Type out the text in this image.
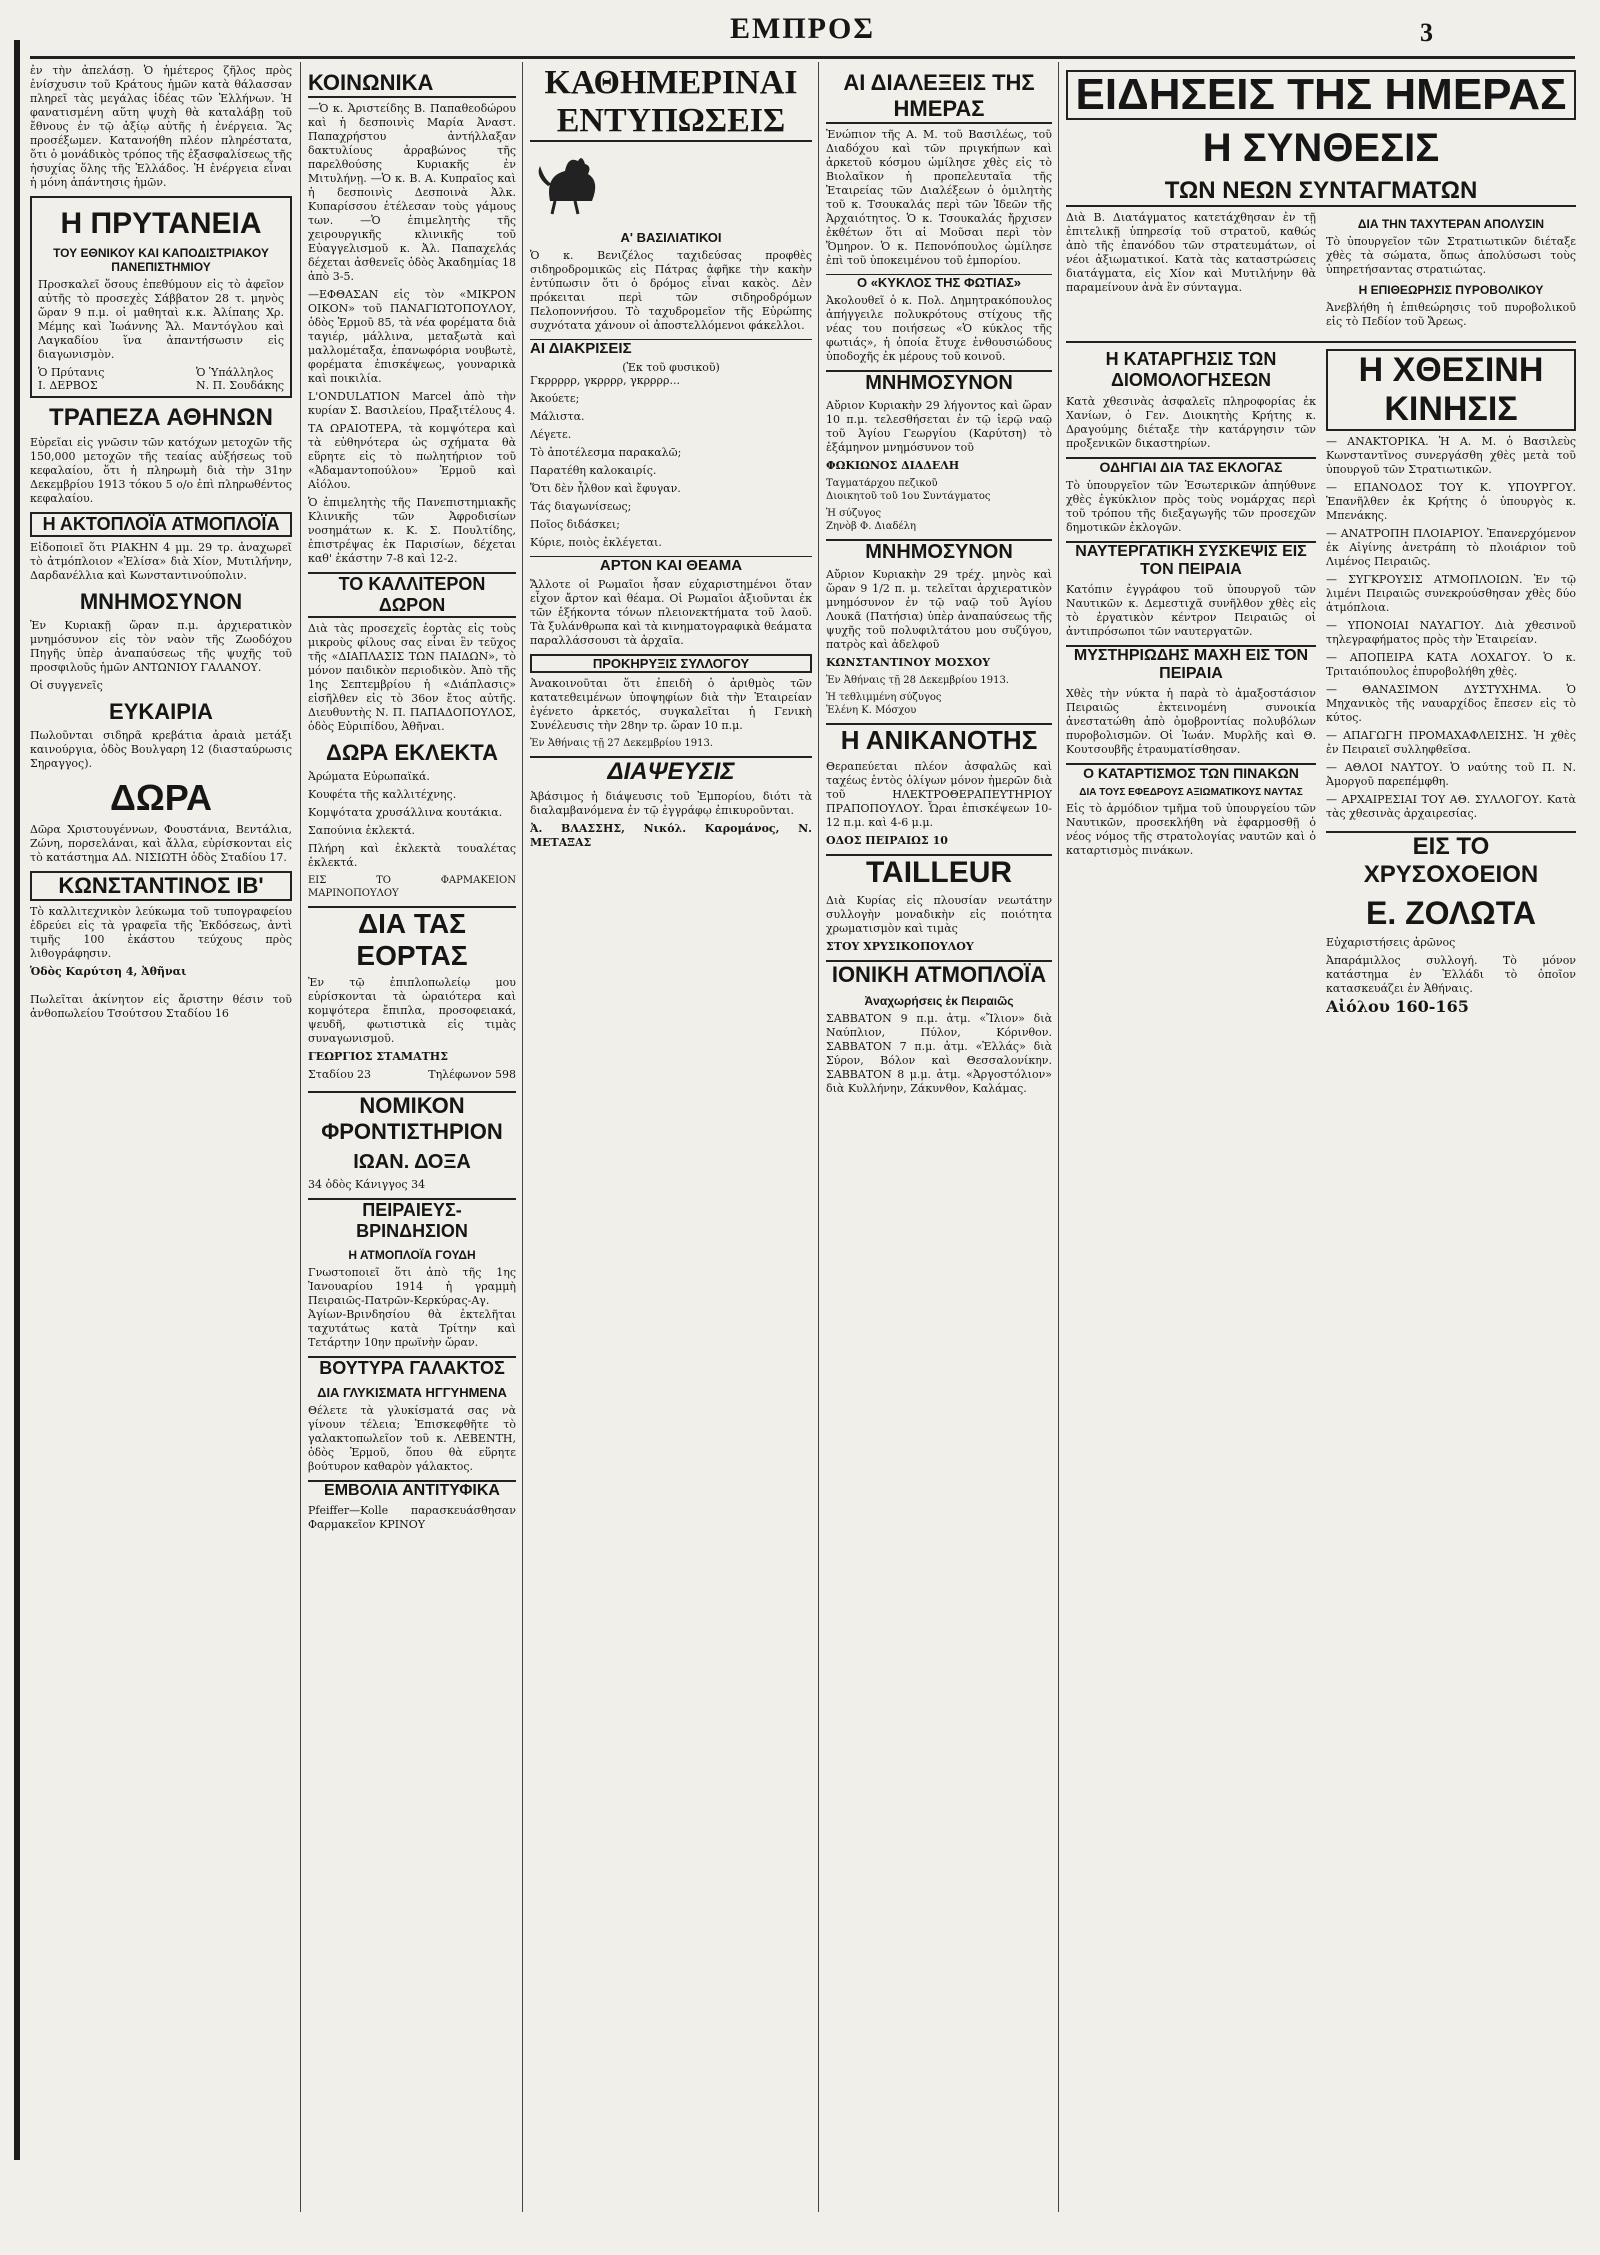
ΕΜΠΡΟΣ	3

ἐν τὴν ἀπελάσῃ. Ὁ ἡμέτερος ζῆλος πρὸς ἐνίσχυσιν τοῦ Κράτους ἡμῶν κατὰ θάλασσαν πληρεῖ τὰς μεγάλας ἰδέας τῶν Ἑλλήνων. Ἡ φανατισμένη αὕτη ψυχὴ θὰ καταλάβῃ τοῦ ἔθνους ἐν τῷ ἀξίῳ αὐτῆς ἡ ἐνέργεια. Ἂς προσέξωμεν. Κατανοήθη πλέον πληρέστατα, ὅτι ὁ μονάδικὸς τρόπος τῆς ἐξασφαλίσεως τῆς ἡσυχίας ὅλης τῆς Ἑλλάδος. Ἡ ἐνέργεια εἶναι ἡ μόνη ἀπάντησις ἡμῶν.

Η ΠΡΥΤΑΝΕΙΑ
ΤΟΥ ΕΘΝΙΚΟΥ ΚΑΙ ΚΑΠΟΔΙΣΤΡΙΑΚΟΥ ΠΑΝΕΠΙΣΤΗΜΙΟΥ

Προσκαλεῖ ὅσους ἐπεθύμουν εἰς τὸ ἀφεῖον αὐτῆς τὸ προσεχὲς Σάββατον 28 τ. μηνὸς ὥραν 9 π.μ. οἱ μαθηταὶ κ.κ. Ἀλίπαης Χρ. Μέμης καὶ Ἰωάννης Ἄλ. Μαντόγλου καὶ Λαγκαδίου ἵνα ἀπαντήσωσιν εἰς διαγωνισμὸν.

Ὁ Πρύτανις
Ι. ΔΕΡΒΟΣ
Ὁ Ὑπάλληλος
Ν. Π. Σουδάκης
ΤΡΑΠΕΖΑ ΑΘΗΝΩΝ

Εὐρεῖαι εἰς γνῶσιν τῶν κατόχων μετοχῶν τῆς 150,000 μετοχῶν τῆς τεαίας αὐξήσεως τοῦ κεφαλαίου, ὅτι ἡ πληρωμὴ διὰ τὴν 31ην Δεκεμβρίου 1913 τόκου 5 ο/ο ἐπὶ πληρωθέντος κεφαλαίου.

Η ΑΚΤΟΠΛΟΪΑ ΑΤΜΟΠΛΟΪΑ

Εἰδοποιεῖ ὅτι ΡΙΑΚΗΝ 4 μμ. 29 τρ. ἀναχωρεῖ τὸ ἀτμόπλοιον «Ἐλίσα» διὰ Χίον, Μυτιλήνην, Δαρδανέλλια καὶ Κωνσταντινούπολιν.

ΜΝΗΜΟΣΥΝΟΝ

Ἐν Κυριακῇ ὥραν π.μ. ἀρχιερατικὸν μνημόσυνον εἰς τὸν ναὸν τῆς Ζωοδόχου Πηγῆς ὑπὲρ ἀναπαύσεως τῆς ψυχῆς τοῦ προσφιλοῦς ἡμῶν ΑΝΤΩΝΙΟΥ ΓΑΛΑΝΟΥ.

Οἱ συγγενεῖς

ΕΥΚΑΙΡΙΑ

Πωλοῦνται σιδηρᾶ κρεβάτια ἀραιὰ μετάξι καινούργια, ὁδὸς Βουλγαρη 12 (διασταύρωσις Σηραγγος).

ΔΩΡΑ

Δῶρα Χριστουγέννων, Φουστάνια, Βεντάλια, Ζώνη, πορσελάναι, καὶ ἄλλα, εὑρίσκονται εἰς τὸ κατάστημα ΑΔ. ΝΙΣΙΩΤΗ ὁδὸς Σταδίου 17.

ΚΩΝΣΤΑΝΤΙΝΟΣ ΙΒ'

Τὸ καλλιτεχνικὸν λεύκωμα τοῦ τυπογραφείου ἑδρεύει εἰς τὰ γραφεῖα τῆς Ἐκδόσεως, ἀντὶ τιμῆς 100 ἑκάστου τεύχους πρὸς λιθογράφησιν.

Ὁδὸς Καρύτση 4, Ἀθῆναι

Πωλεῖται ἀκίνητον εἰς ἄριστην θέσιν τοῦ ἀνθοπωλείου Τσούτσου Σταδίου 16

ΚΟΙΝΩΝΙΚΑ

—Ὁ κ. Ἀριστείδης Β. Παπαθεοδώρου καὶ ἡ δεσποινὶς Μαρία Ἀναστ. Παπαχρήστου ἀντήλλαξαν δακτυλίους ἀρραβώνος τῆς παρελθούσης Κυριακῆς ἐν Μιτυλήνῃ. —Ὁ κ. Β. Α. Κυπραῖος καὶ ἡ δεσποινὶς Δεσποινὰ Ἀλκ. Κυπαρίσσου ἐτέλεσαν τοὺς γάμους των. —Ὁ ἐπιμελητὴς τῆς χειρουργικῆς κλινικῆς τοῦ Εὐαγγελισμοῦ κ. Ἀλ. Παπαχελάς δέχεται ἀσθενεῖς ὁδὸς Ἀκαδημίας 18 ἀπὸ 3-5.

—ΕΦΘΑΣΑΝ εἰς τὸν «ΜΙΚΡΟΝ ΟΙΚΟΝ» τοῦ ΠΑΝΑΓΙΩΤΟΠΟΥΛΟΥ, ὁδὸς Ἑρμοῦ 85, τὰ νέα φορέματα διὰ ταγιέρ, μάλλινα, μεταξωτὰ καὶ μαλλομέταξα, ἐπανωφόρια νουβωτὲ, φορέματα ἐπισκέψεως, γουναρικὰ καὶ ποικιλία.

L'ONDULATION Marcel ἀπὸ τὴν κυρίαν Σ. Βασιλείου, Πραξιτέλους 4.

ΤΑ ΩΡΑΙΟΤΕΡΑ, τὰ κομψότερα καὶ τὰ εὐθηνότερα ὡς σχήματα θὰ εὕρητε εἰς τὸ πωλητήριον τοῦ «Ἀδαμαντοπούλου» Ἑρμοῦ καὶ Αἰόλου.

Ὁ ἐπιμελητὴς τῆς Πανεπιστημιακῆς Κλινικῆς τῶν Ἀφροδισίων νοσημάτων κ. Κ. Σ. Πουλτίδης, ἐπιστρέψας ἐκ Παρισίων, δέχεται καθ' ἑκάστην 7-8 καὶ 12-2.

ΤΟ ΚΑΛΛΙΤΕΡΟΝ ΔΩΡΟΝ

Διὰ τὰς προσεχεῖς ἑορτὰς εἰς τοὺς μικροὺς φίλους σας εἶναι ἓν τεῦχος τῆς «ΔΙΑΠΛΑΣΙΣ ΤΩΝ ΠΑΙΔΩΝ», τὸ μόνον παιδικὸν περιοδικὸν. Ἀπὸ τῆς 1ης Σεπτεμβρίου ἡ «Διάπλασις» εἰσῆλθεν εἰς τὸ 36ον ἔτος αὐτῆς. Διευθυντὴς Ν. Π. ΠΑΠΑΔΟΠΟΥΛΟΣ, ὁδὸς Εὐριπίδου, Ἀθῆναι.

ΔΩΡΑ ΕΚΛΕΚΤΑ

Ἀρώματα Εὐρωπαϊκά.

Κουφέτα τῆς καλλιτέχνης.

Κομψότατα χρυσάλλινα κουτάκια.

Σαπούνια ἐκλεκτά.

Πλήρη καὶ ἐκλεκτὰ τουαλέτας ἐκλεκτά.

ΕΙΣ ΤΟ ΦΑΡΜΑΚΕΙΟΝ ΜΑΡΙΝΟΠΟΥΛΟΥ

ΔΙΑ ΤΑΣ ΕΟΡΤΑΣ

Ἐν τῷ ἐπιπλοπωλείῳ μου εὑρίσκονται τὰ ὡραιότερα καὶ κομψότερα ἔπιπλα, προσοφειακά, ψευδῆ, φωτιστικὰ εἰς τιμὰς συναγωνισμοῦ.

ΓΕΩΡΓΙΟΣ ΣΤΑΜΑΤΗΣ

Σταδίου 23	Τηλέφωνον 598
ΝΟΜΙΚΟΝ ΦΡΟΝΤΙΣΤΗΡΙΟΝ
ΙΩΑΝ. ΔΟΞΑ

34 ὁδὸς Κάνιγγος 34

ΠΕΙΡΑΙΕΥΣ-ΒΡΙΝΔΗΣΙΟΝ
Η ΑΤΜΟΠΛΟΪΑ ΓΟΥΔΗ

Γνωστοποιεῖ ὅτι ἀπὸ τῆς 1ης Ἰανουαρίου 1914 ἡ γραμμὴ Πειραιῶς-Πατρῶν-Κερκύρας-Αγ. Ἀγίων-Βρινδησίου θὰ ἐκτελῆται ταχυτάτως κατὰ Τρίτην καὶ Τετάρτην 10ην πρωϊνὴν ὥραν.

ΒΟΥΤΥΡΑ ΓΑΛΑΚΤΟΣ
ΔΙΑ ΓΛΥΚΙΣΜΑΤΑ ΗΓΓΥΗΜΕΝΑ

Θέλετε τὰ γλυκίσματά σας νὰ γίνουν τέλεια; Ἐπισκεφθῆτε τὸ γαλακτοπωλεῖον τοῦ κ. ΛΕΒΕΝΤΗ, ὁδὸς Ἐρμοῦ, ὅπου θὰ εὕρητε βούτυρον καθαρὸν γάλακτος.

ΕΜΒΟΛΙΑ ΑΝΤΙΤΥΦΙΚΑ

Pfeiffer—Kolle παρασκευάσθησαν Φαρμακεῖον ΚΡΙΝΟΥ

ΚΑΘΗΜΕΡΙΝΑΙ ΕΝΤΥΠΩΣΕΙΣ
Α' ΒΑΣΙΛΙΑΤΙΚΟΙ

Ὁ κ. Βενιζέλος ταχιδεύσας προφθὲς σιδηροδρομικῶς εἰς Πάτρας ἀφῆκε τὴν κακὴν ἐντύπωσιν ὅτι ὁ δρόμος εἶναι κακὸς. Δὲν πρόκειται περὶ τῶν σιδηροδρόμων Πελοποννήσου. Τὸ ταχυδρομεῖον τῆς Εὐρώπης συχνότατα χάνουν οἱ ἀποστελλόμενοι φάκελλοι.

ΑΙ ΔΙΑΚΡΙΣΕΙΣ
(Ἐκ τοῦ φυσικοῦ)

Γκρρρρρ, γκρρρρ, γκρρρρ...

Ἀκούετε;

Μάλιστα.

Λέγετε.

Τὸ ἀποτέλεσμα παρακαλῶ;

Παρατέθη καλοκαιρίς.

Ὅτι δὲν ἦλθον καὶ ἔφυγαν.

Τάς διαγωνίσεως;

Ποῖος διδάσκει;

Κύριε, ποιὸς ἐκλέγεται.

ΑΡΤΟΝ ΚΑΙ ΘΕΑΜΑ

Ἄλλοτε οἱ Ρωμαῖοι ἦσαν εὐχαριστημένοι ὅταν εἶχον ἄρτον καὶ θέαμα. Οἱ Ρωμαῖοι ἀξιοῦνται ἐκ τῶν ἑξήκοντα τόνων πλειονεκτήματα τοῦ λαοῦ. Τὰ ξυλάνθρωπα καὶ τὰ κινηματογραφικὰ θεάματα παραλλάσσουσι τὰ ἀρχαῖα.

ΠΡΟΚΗΡΥΞΙΣ ΣΥΛΛΟΓΟΥ

Ἀνακοινοῦται ὅτι ἐπειδὴ ὁ ἀριθμὸς τῶν κατατεθειμένων ὑποψηφίων διὰ τὴν Ἑταιρείαν ἐγένετο ἀρκετός, συγκαλεῖται ἡ Γενικὴ Συνέλευσις τὴν 28ην τρ. ὥραν 10 π.μ.

Ἐν Ἀθήναις τῇ 27 Δεκεμβρίου 1913.

ΔΙΑΨΕΥΣΙΣ

Ἀβάσιμος ἡ διάψευσις τοῦ Ἐμπορίου, διότι τὰ διαλαμβανόμενα ἐν τῷ ἐγγράφῳ ἐπικυροῦνται.

Ἀ. ΒΛΑΣΣΗΣ, Νικόλ. Καρομάνος, Ν. ΜΕΤΑΞΑΣ

ΑΙ ΔΙΑΛΕΞΕΙΣ ΤΗΣ ΗΜΕΡΑΣ

Ἐνώπιον τῆς Α. Μ. τοῦ Βασιλέως, τοῦ Διαδόχου καὶ τῶν πριγκήπων καὶ ἀρκετοῦ κόσμου ὡμίλησε χθὲς εἰς τὸ Βιολαῖκον ἡ προπελευταῖα τῆς Ἑταιρείας τῶν Διαλέξεων ὁ ὁμιλητὴς τοῦ κ. Τσουκαλάς περὶ τῶν Ἰδεῶν τῆς Ἀρχαιότητος. Ὁ κ. Τσουκαλάς ἤρχισεν ἐκθέτων ὅτι αἱ Μοῦσαι περὶ τὸν Ὅμηρον. Ὁ κ. Πεπονόπουλος ὡμίλησε ἐπὶ τοῦ ὑποκειμένου τοῦ ἐμπορίου.

Ο «ΚΥΚΛΟΣ ΤΗΣ ΦΩΤΙΑΣ»

Ἀκολουθεῖ ὁ κ. Πολ. Δημητρακόπουλος ἀπήγγειλε πολυκρότους στίχους τῆς νέας του ποιήσεως «Ὁ κύκλος τῆς φωτιάς», ἡ ὁποία ἔτυχε ἐνθουσιώδους ὑποδοχῆς ἐκ μέρους τοῦ κοινοῦ.

ΜΝΗΜΟΣΥΝΟΝ

Αὔριον Κυριακὴν 29 λήγοντος καὶ ὥραν 10 π.μ. τελεσθήσεται ἐν τῷ ἱερῷ ναῷ τοῦ Ἁγίου Γεωργίου (Καρύτση) τὸ ἑξάμηνον μνημόσυνον τοῦ

ΦΩΚΙΩΝΟΣ ΔΙΑΔΕΛΗ

Ταγματάρχου πεζικοῦ
Διοικητοῦ τοῦ 1ου Συντάγματος

Ἡ σύζυγος
Ζηνὸβ Φ. Διαδέλη

ΜΝΗΜΟΣΥΝΟΝ

Αὔριον Κυριακὴν 29 τρέχ. μηνὸς καὶ ὥραν 9 1/2 π. μ. τελεῖται ἀρχιερατικὸν μνημόσυνον ἐν τῷ ναῷ τοῦ Ἁγίου Λουκᾶ (Πατήσια) ὑπὲρ ἀναπαύσεως τῆς ψυχῆς τοῦ πολυφιλτάτου μου συζύγου, πατρὸς καὶ ἀδελφοῦ

ΚΩΝΣΤΑΝΤΙΝΟΥ ΜΟΣΧΟΥ

Ἐν Ἀθήναις τῇ 28 Δεκεμβρίου 1913.

Ἡ τεθλιμμένη σύζυγος
Ἐλένη Κ. Μόσχου

Η ΑΝΙΚΑΝΟΤΗΣ

Θεραπεύεται πλέον ἀσφαλῶς καὶ ταχέως ἐντὸς ὀλίγων μόνον ἡμερῶν διὰ τοῦ ΗΛΕΚΤΡΟΘΕΡΑΠΕΥΤΗΡΙΟΥ ΠΡΑΠΟΠΟΥΛΟΥ. Ὧραι ἐπισκέψεων 10-12 π.μ. καὶ 4-6 μ.μ.

ΟΔΟΣ ΠΕΙΡΑΙΩΣ 10

TAILLEUR

Διὰ Κυρίας εἰς πλουσίαν νεωτάτην συλλογὴν μοναδικὴν εἰς ποιότητα χρωματισμὸν καὶ τιμὰς

ΣΤΟΥ ΧΡΥΣΙΚΟΠΟΥΛΟΥ

ΙΟΝΙΚΗ ΑΤΜΟΠΛΟΪΑ
Ἀναχωρήσεις ἐκ Πειραιῶς

ΣΑΒΒΑΤΟΝ 9 π.μ. ἀτμ. «Ἴλιον» διὰ Ναύπλιον, Πύλον, Κόρινθον. ΣΑΒΒΑΤΟΝ 7 π.μ. ἀτμ. «Ἑλλάς» διὰ Σύρον, Βόλον καὶ Θεσσαλονίκην. ΣΑΒΒΑΤΟΝ 8 μ.μ. ἀτμ. «Ἀργοστόλιον» διὰ Κυλλήνην, Ζάκυνθον, Καλάμας.

ΕΙΔΗΣΕΙΣ ΤΗΣ ΗΜΕΡΑΣ
Η ΣΥΝΘΕΣΙΣ
ΤΩΝ ΝΕΩΝ ΣΥΝΤΑΓΜΑΤΩΝ

Διὰ Β. Διατάγματος κατετάχθησαν ἐν τῇ ἐπιτελικῇ ὑπηρεσίᾳ τοῦ στρατοῦ, καθώς ἀπὸ τῆς ἐπανόδου τῶν στρατευμάτων, οἱ νέοι ἀξιωματικοί. Κατὰ τὰς καταστρώσεις διατάγματα, εἰς Χίον καὶ Μυτιλήνην θὰ παραμείνουν ἀνὰ ἓν σύνταγμα.

ΔΙΑ ΤΗΝ ΤΑΧΥΤΕΡΑΝ ΑΠΟΛΥΣΙΝ

Τὸ ὑπουργεῖον τῶν Στρατιωτικῶν διέταξε χθὲς τὰ σώματα, ὅπως ἀπολύσωσι τοὺς ὑπηρετήσαντας στρατιώτας.

Η ΕΠΙΘΕΩΡΗΣΙΣ ΠΥΡΟΒΟΛΙΚΟΥ

Ἀνεβλήθη ἡ ἐπιθεώρησις τοῦ πυροβολικοῦ εἰς τὸ Πεδίον τοῦ Ἄρεως.

Η ΚΑΤΑΡΓΗΣΙΣ ΤΩΝ ΔΙΟΜΟΛΟΓΗΣΕΩΝ

Κατὰ χθεσινὰς ἀσφαλεῖς πληροφορίας ἐκ Χανίων, ὁ Γεν. Διοικητὴς Κρήτης κ. Δραγούμης διέταξε τὴν κατάργησιν τῶν προξενικῶν δικαστηρίων.

ΟΔΗΓΙΑΙ ΔΙΑ ΤΑΣ ΕΚΛΟΓΑΣ

Τὸ ὑπουργεῖον τῶν Ἐσωτερικῶν ἀπηύθυνε χθὲς ἐγκύκλιον πρὸς τοὺς νομάρχας περὶ τοῦ τρόπου τῆς διεξαγωγῆς τῶν προσεχῶν δημοτικῶν ἐκλογῶν.

ΝΑΥΤΕΡΓΑΤΙΚΗ ΣΥΣΚΕΨΙΣ ΕΙΣ ΤΟΝ ΠΕΙΡΑΙΑ

Κατόπιν ἐγγράφου τοῦ ὑπουργοῦ τῶν Ναυτικῶν κ. Δεμεστιχᾶ συνῆλθον χθὲς εἰς τὸ ἐργατικὸν κέντρον Πειραιῶς οἱ ἀντιπρόσωποι τῶν ναυτεργατῶν.

ΜΥΣΤΗΡΙΩΔΗΣ ΜΑΧΗ ΕΙΣ ΤΟΝ ΠΕΙΡΑΙΑ

Χθὲς τὴν νύκτα ἡ παρὰ τὸ ἀμαξοστάσιον Πειραιῶς ἐκτεινομένη συνοικία ἀνεστατώθη ἀπὸ ὁμοβροντίας πολυβόλων πυροβολισμῶν. Οἱ Ἰωάν. Μυρλῆς καὶ Θ. Κουτσουβῆς ἐτραυματίσθησαν.

Ο ΚΑΤΑΡΤΙΣΜΟΣ ΤΩΝ ΠΙΝΑΚΩΝ
ΔΙΑ ΤΟΥΣ ΕΦΕΔΡΟΥΣ ΑΞΙΩΜΑΤΙΚΟΥΣ ΝΑΥΤΑΣ

Εἰς τὸ ἁρμόδιον τμῆμα τοῦ ὑπουργείου τῶν Ναυτικῶν, προσεκλήθη νὰ ἐφαρμοσθῇ ὁ νέος νόμος τῆς στρατολογίας ναυτῶν καὶ ὁ καταρτισμὸς πινάκων.

Η ΧΘΕΣΙΝΗ ΚΙΝΗΣΙΣ

— ΑΝΑΚΤΟΡΙΚΑ. Ἡ Α. Μ. ὁ Βασιλεὺς Κωνσταντῖνος συνεργάσθη χθὲς μετὰ τοῦ ὑπουργοῦ τῶν Στρατιωτικῶν.

— ΕΠΑΝΟΔΟΣ ΤΟΥ Κ. ΥΠΟΥΡΓΟΥ. Ἐπανῆλθεν ἐκ Κρήτης ὁ ὑπουργὸς κ. Μπενάκης.

— ΑΝΑΤΡΟΠΗ ΠΛΟΙΑΡΙΟΥ. Ἐπανερχόμενον ἐκ Αἰγίνης ἀνετράπη τὸ πλοιάριον τοῦ Λιμένος Πειραιῶς.

— ΣΥΓΚΡΟΥΣΙΣ ΑΤΜΟΠΛΟΙΩΝ. Ἐν τῷ λιμένι Πειραιῶς συνεκρούσθησαν χθὲς δύο ἀτμόπλοια.

— ΥΠΟΝΟΙΑΙ ΝΑΥΑΓΙΟΥ. Διὰ χθεσινοῦ τηλεγραφήματος πρὸς τὴν Ἐταιρείαν.

— ΑΠΟΠΕΙΡΑ ΚΑΤΑ ΛΟΧΑΓΟΥ. Ὁ κ. Τριταιόπουλος ἐπυροβολήθη χθὲς.

— ΘΑΝΑΣΙΜΟΝ ΔΥΣΤΥΧΗΜΑ. Ὁ Μηχανικὸς τῆς ναυαρχίδος ἔπεσεν εἰς τὸ κύτος.

— ΑΠΑΓΩΓΗ ΠΡΟΜΑΧΑΦΛΕΙΣΗΣ. Ἡ χθὲς ἐν Πειραιεῖ συλληφθεῖσα.

— ΑΘΛΟΙ ΝΑΥΤΟΥ. Ὁ ναύτης τοῦ Π. Ν. Ἀμοργοῦ παρεπέμφθη.

— ΑΡΧΑΙΡΕΣΙΑΙ ΤΟΥ ΑΘ. ΣΥΛΛΟΓΟΥ. Κατὰ τὰς χθεσινὰς ἀρχαιρεσίας.

ΕΙΣ ΤΟ ΧΡΥΣΟΧΟΕΙΟΝ
Ε. ΖΟΛΩΤΑ

Εὐχαριστήσεις ἀρῶνος

Ἀπαράμιλλος συλλογή. Τὸ μόνον κατάστημα ἐν Ἑλλάδι τὸ ὁποῖον κατασκευάζει ἐν Ἀθήναις.

Αἰόλου 160-165
